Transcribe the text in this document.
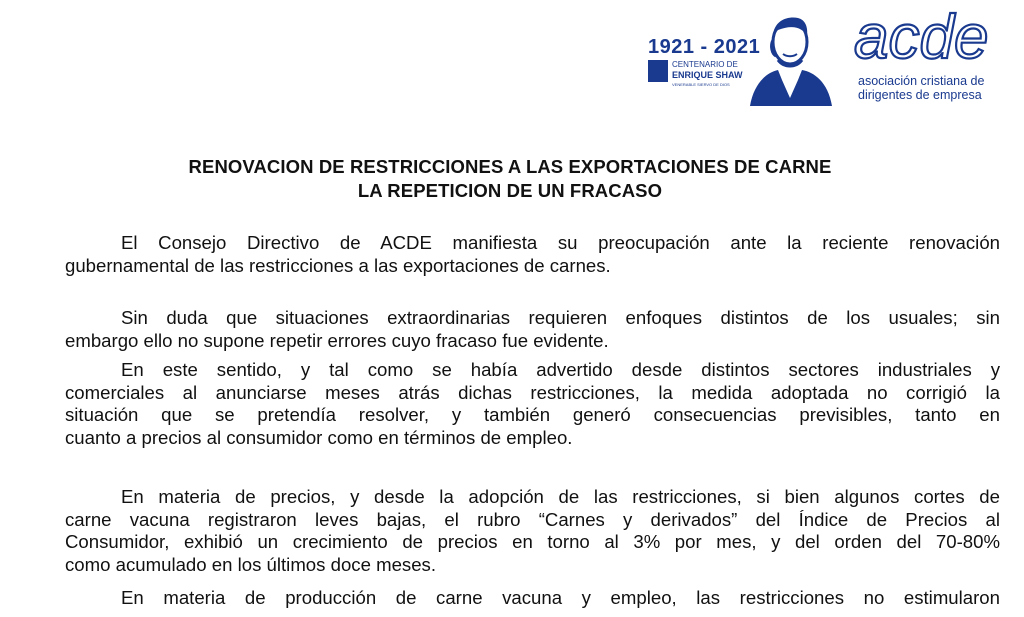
1921 - 2021
CENTENARIO DE
ENRIQUE SHAW
VENERABLE SIERVO DE DIOS
acde
asociación cristiana de
dirigentes de empresa
RENOVACION DE RESTRICCIONES A LAS EXPORTACIONES DE CARNE
LA REPETICION DE UN FRACASO
El Consejo Directivo de ACDE manifiesta su preocupación ante la reciente renovación
gubernamental de las restricciones a las exportaciones de carnes.
Sin duda que situaciones extraordinarias requieren enfoques distintos de los usuales; sin
embargo ello no supone repetir errores cuyo fracaso fue evidente.
En este sentido, y tal como se había advertido desde distintos sectores industriales y
comerciales al anunciarse meses atrás dichas restricciones, la medida adoptada no corrigió la
situación que se pretendía resolver, y también generó consecuencias previsibles, tanto en
cuanto a precios al consumidor como en términos de empleo.
En materia de precios, y desde la adopción de las restricciones, si bien algunos cortes de
carne vacuna registraron leves bajas, el rubro “Carnes y derivados” del Índice de Precios al
Consumidor, exhibió un crecimiento de precios en torno al 3% por mes, y del orden del 70-80%
como acumulado en los últimos doce meses.
En materia de producción de carne vacuna y empleo, las restricciones no estimularon
